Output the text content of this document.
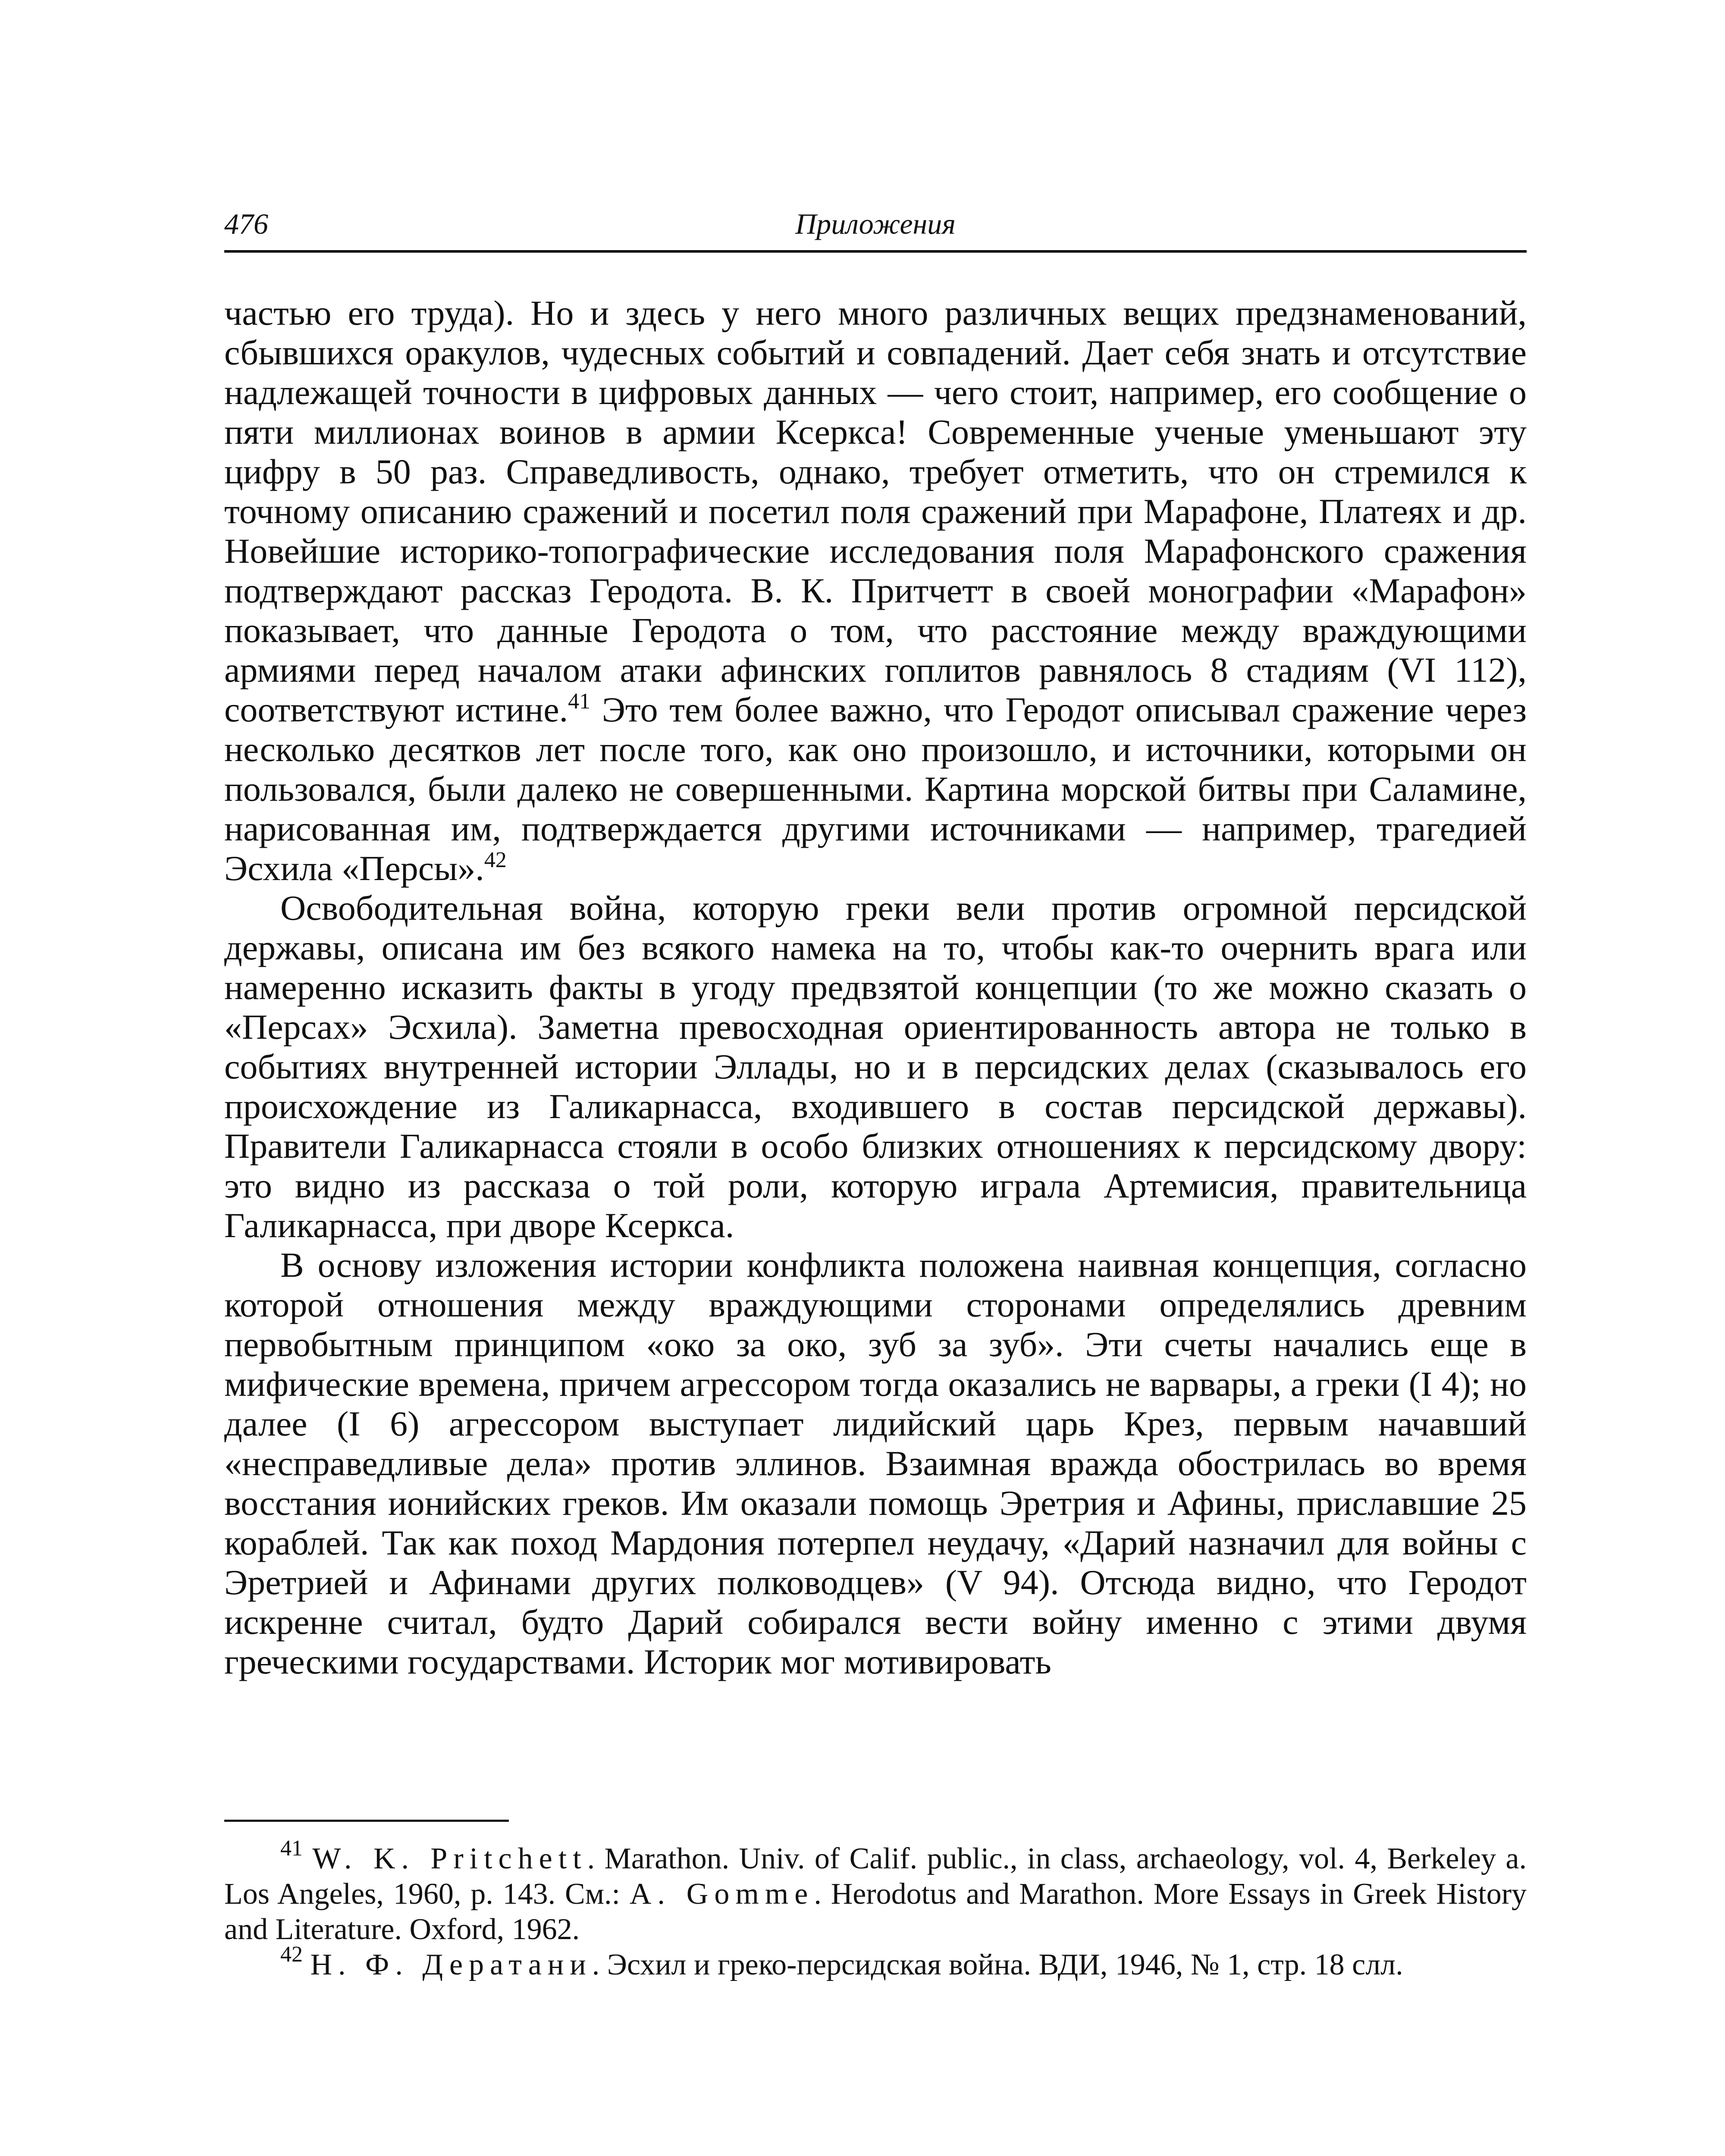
476	Приложения

частью его труда). Но и здесь у него много различных вещих предзнаменований, сбывшихся оракулов, чудесных событий и совпадений. Дает себя знать и отсутствие надлежащей точности в цифровых данных — чего стоит, например, его сообщение о пяти миллионах воинов в армии Ксеркса! Современные ученые уменьшают эту цифру в 50 раз. Справедливость, однако, требует отметить, что он стремился к точному описанию сражений и посетил поля сражений при Марафоне, Платеях и др. Новейшие историко-топографические исследования поля Марафонского сражения подтверждают рассказ Геродота. В. К. Притчетт в своей монографии «Марафон» показывает, что данные Геродота о том, что расстояние между враждующими армиями перед началом атаки афинских гоплитов равнялось 8 стадиям (VI 112), соответствуют истине.$^{41}$ Это тем более важно, что Геродот описывал сражение через несколько десятков лет после того, как оно произошло, и источники, которыми он пользовался, были далеко не совершенными. Картина морской битвы при Саламине, нарисованная им, подтверждается другими источниками — например, трагедией Эсхила «Персы».$^{42}$

Освободительная война, которую греки вели против огромной персидской державы, описана им без всякого намека на то, чтобы как-то очернить врага или намеренно исказить факты в угоду предвзятой концепции (то же можно сказать о «Персах» Эсхила). Заметна превосходная ориентированность автора не только в событиях внутренней истории Эллады, но и в персидских делах (сказывалось его происхождение из Галикарнасса, входившего в состав персидской державы). Правители Галикарнасса стояли в особо близких отношениях к персидскому двору: это видно из рассказа о той роли, которую играла Артемисия, правительница Галикарнасса, при дворе Ксеркса.

В основу изложения истории конфликта положена наивная концепция, согласно которой отношения между враждующими сторонами определялись древним первобытным принципом «око за око, зуб за зуб». Эти счеты начались еще в мифические времена, причем агрессором тогда оказались не варвары, а греки (I 4); но далее (I 6) агрессором выступает лидийский царь Крез, первым начавший «несправедливые дела» против эллинов. Взаимная вражда обострилась во время восстания ионийских греков. Им оказали помощь Эретрия и Афины, приславшие 25 кораблей. Так как поход Мардония потерпел неудачу, «Дарий назначил для войны с Эретрией и Афинами других полководцев» (V 94). Отсюда видно, что Геродот искренне считал, будто Дарий собирался вести войну именно с этими двумя греческими государствами. Историк мог мотивировать

$^{41}$ W. K. Pritchett. Marathon. Univ. of Calif. public., in class, archaeology, vol. 4, Berkeley a. Los Angeles, 1960, p. 143. См.: A. Gomme. Herodotus and Marathon. More Essays in Greek History and Literature. Oxford, 1962.

$^{42}$ Н. Ф. Дератани. Эсхил и греко-персидская война. ВДИ, 1946, № 1, стр. 18 слл.
